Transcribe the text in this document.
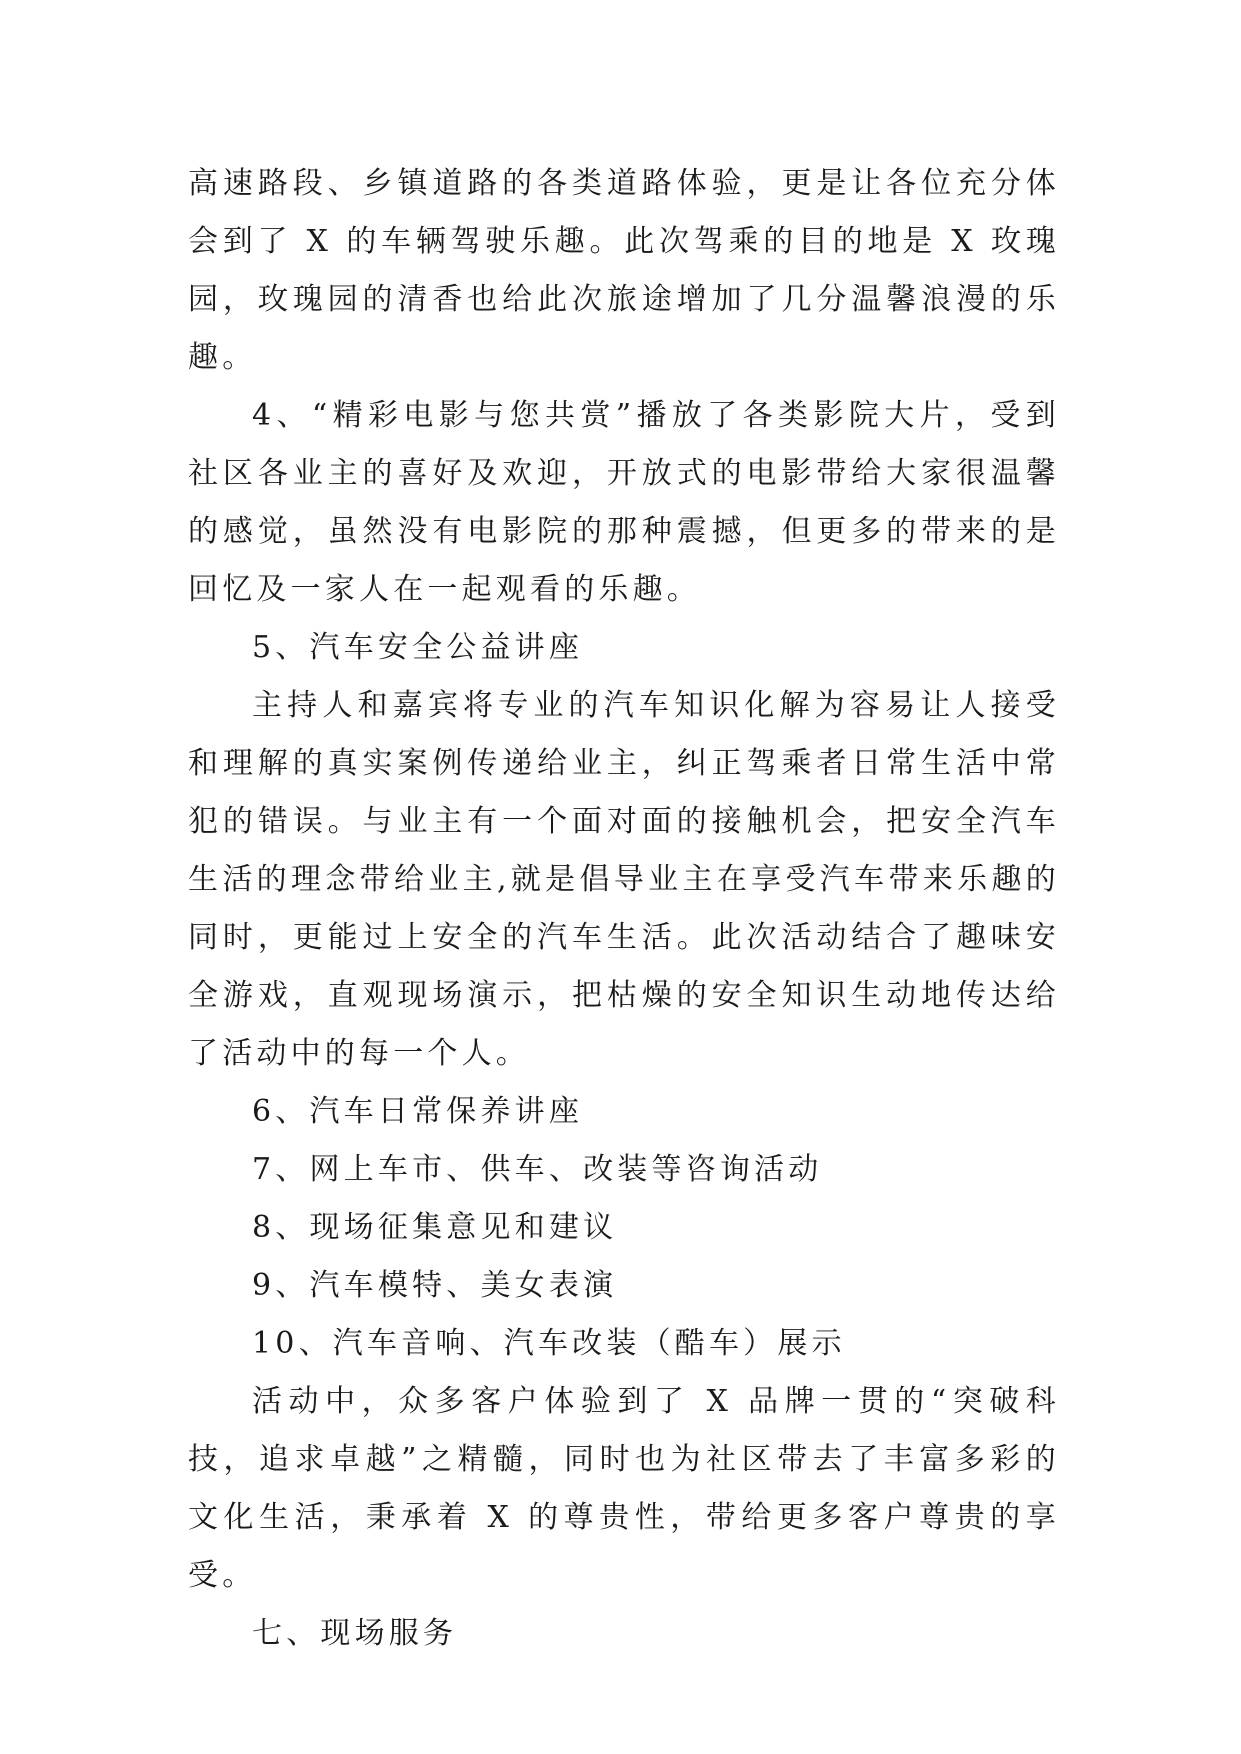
高速路段、乡镇道路的各类道路体验，更是让各位充分体会到了 X 的车辆驾驶乐趣。此次驾乘的目的地是 X 玫瑰园，玫瑰园的清香也给此次旅途增加了几分温馨浪漫的乐趣。

4、“精彩电影与您共赏”播放了各类影院大片，受到社区各业主的喜好及欢迎，开放式的电影带给大家很温馨的感觉，虽然没有电影院的那种震撼，但更多的带来的是回忆及一家人在一起观看的乐趣。

5、汽车安全公益讲座

主持人和嘉宾将专业的汽车知识化解为容易让人接受和理解的真实案例传递给业主，纠正驾乘者日常生活中常犯的错误。与业主有一个面对面的接触机会，把安全汽车生活的理念带给业主,就是倡导业主在享受汽车带来乐趣的同时，更能过上安全的汽车生活。此次活动结合了趣味安全游戏，直观现场演示，把枯燥的安全知识生动地传达给了活动中的每一个人。

6、汽车日常保养讲座

7、网上车市、供车、改装等咨询活动

8、现场征集意见和建议

9、汽车模特、美女表演

10、汽车音响、汽车改装（酷车）展示

活动中，众多客户体验到了 X 品牌一贯的“突破科技，追求卓越”之精髓，同时也为社区带去了丰富多彩的文化生活，秉承着 X 的尊贵性，带给更多客户尊贵的享受。

七、现场服务
